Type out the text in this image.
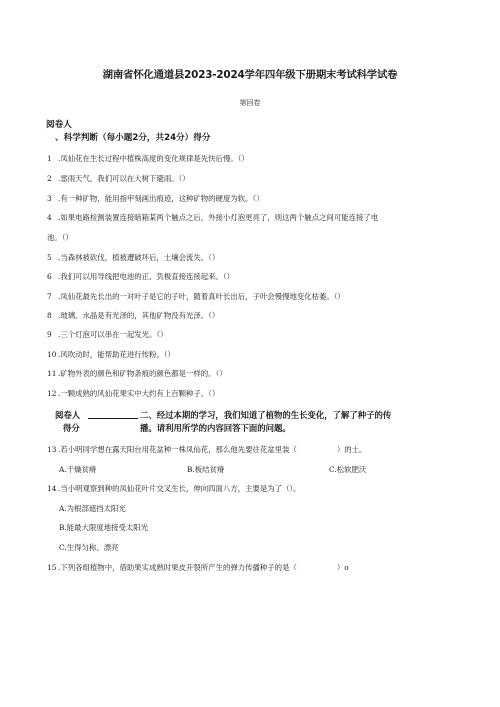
湖南省怀化通道县2023-2024学年四年级下册期末考试科学试卷
第回卷
阅卷人
、科学判断（每小题2分，共24分）得分
1 .凤仙花在生长过程中植株高度的变化规律是先快后慢。（）
2 .雷雨天气，我们可以在大树下避雨。（）
3 .有一种矿物，能用指甲刻画出痕迹，这种矿物的硬度为软。（）
4 .如果电路检测装置连接暗箱某两个触点之后，外接小灯泡更亮了，则这两个触点之间可能连接了电
池。（）
5 .当森林被砍伐，植被遭破坏后，土壤会流失。（）
6 .我们可以用导线把电池的正、负极直接连接起来。（）
7 .凤仙花最先长出的一对叶子是它的子叶，随着真叶长出后，子叶会慢慢地变化枯萎。（）
8 .玻璃、水晶是有光泽的，其他矿物没有光泽。（）
9 .三个灯泡可以串在一起发光。（）
10 .风吹动时，能帮助花进行传粉。（）
11 .矿物外表的颜色和矿物条痕的颜色都是一样的。（）
12 .一颗成熟的风仙花果实中大约有上百颗种子。（）
阅卷人	二、经过本期的学习，我们知道了植物的生长变化，了解了种子的传
得分	播。请利用所学的内容回答下面的问题。
13 .若小明同学想在露天阳台用花盆种一株凤仙花，那么他先要往花盆里装（	）的土。
A.干燥贫瘠	B.板结贫瘠	C.松软肥沃
14 .当小明观察到种的凤仙花叶片交叉生长，伸向四面八方，主要是为了（）。
A.为根部遮挡太阳光
B.能最大限度地接受太阳光
C.生得匀称、漂亮
15 .下列各组植物中，借助果实成熟时果皮开裂所产生的弹力传播种子的是（	）o
